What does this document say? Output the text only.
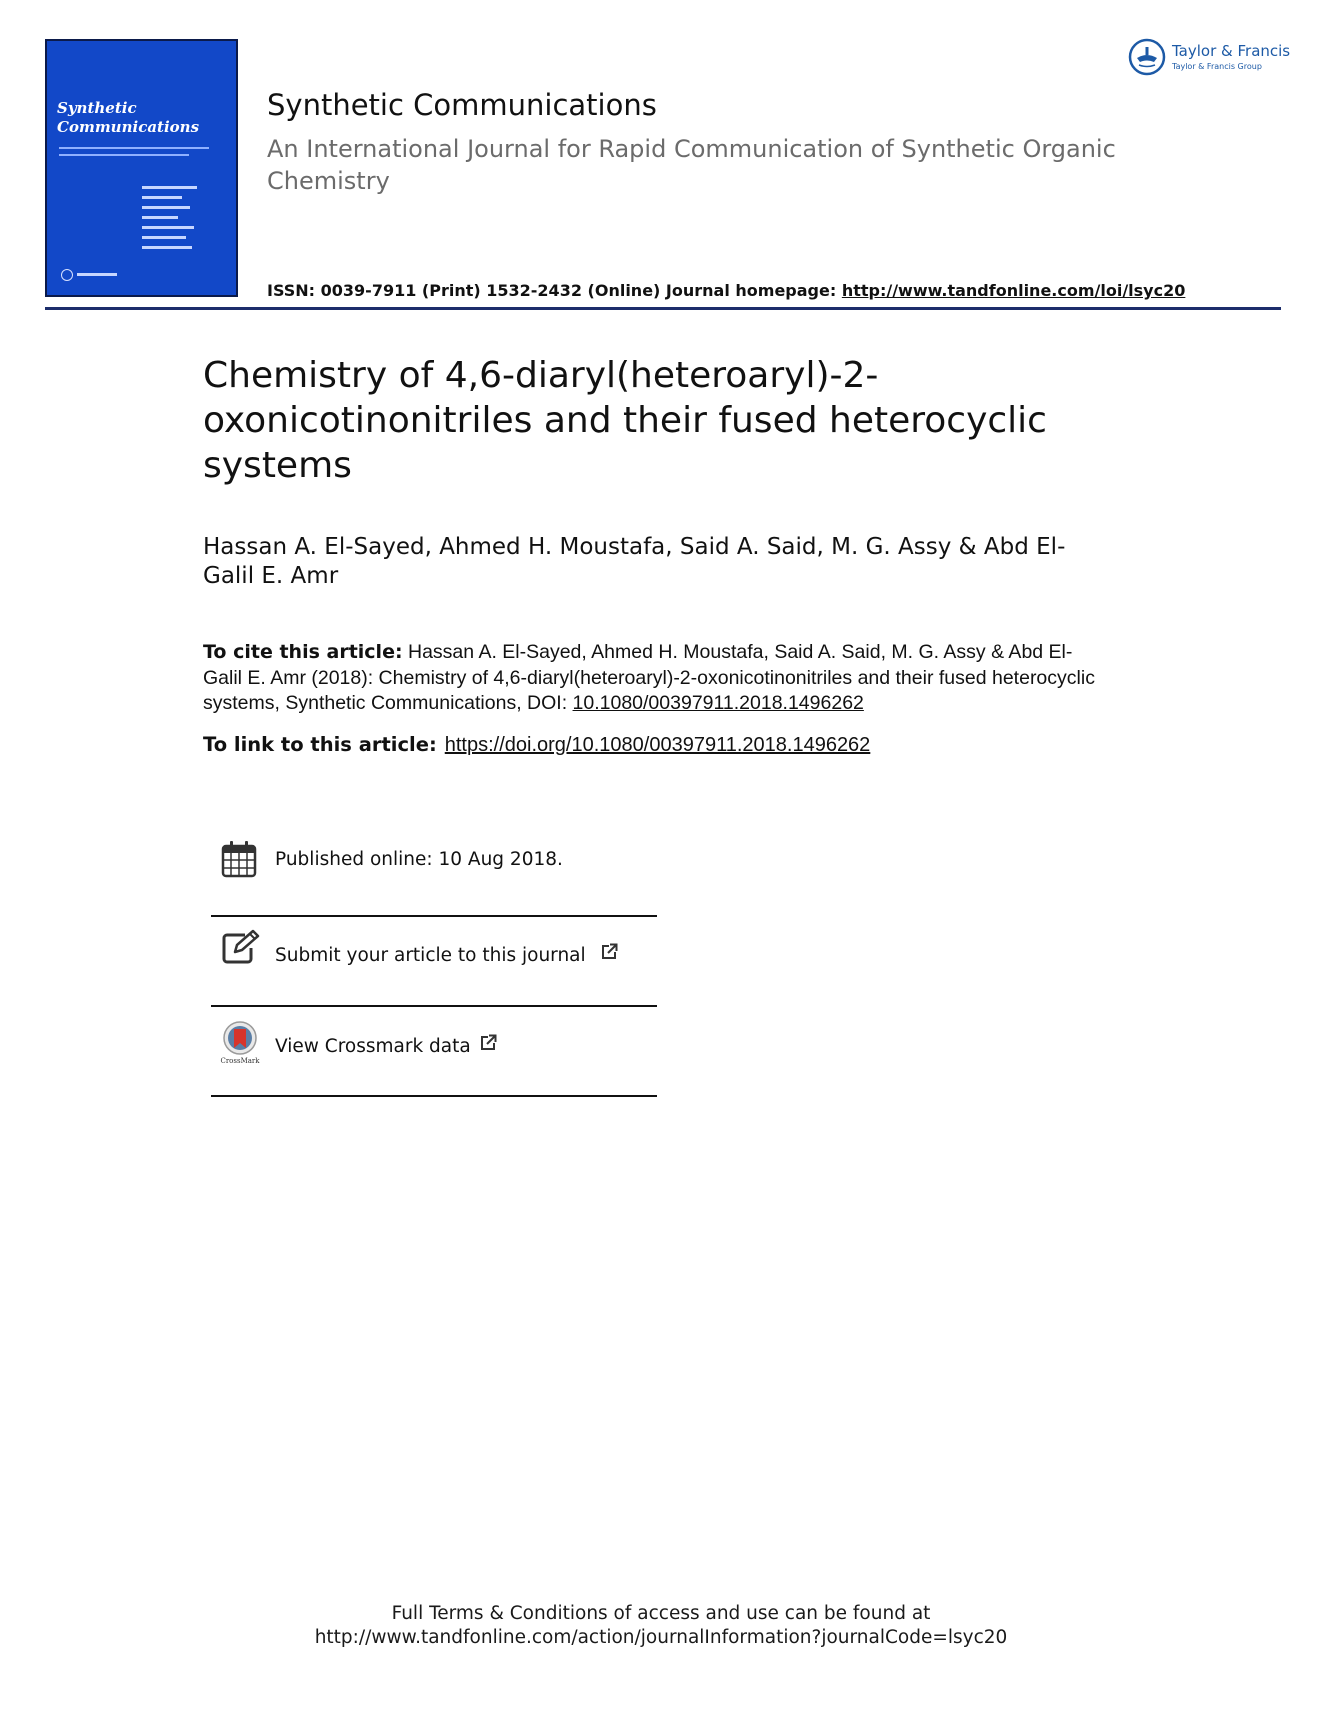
Synthetic
Communications
Synthetic Communications
An International Journal for Rapid Communication of Synthetic Organic Chemistry
ISSN: 0039-7911 (Print) 1532-2432 (Online) Journal homepage: http://www.tandfonline.com/loi/lsyc20
Taylor & Francis
Taylor & Francis Group
Chemistry of 4,6-diaryl(heteroaryl)-2-oxonicotinonitriles and their fused heterocyclic systems
Hassan A. El-Sayed, Ahmed H. Moustafa, Said A. Said, M. G. Assy & Abd El-Galil E. Amr
To cite this article: Hassan A. El-Sayed, Ahmed H. Moustafa, Said A. Said, M. G. Assy & Abd El-Galil E. Amr (2018): Chemistry of 4,6-diaryl(heteroaryl)-2-oxonicotinonitriles and their fused heterocyclic systems, Synthetic Communications, DOI: 10.1080/00397911.2018.1496262
To link to this article: https://doi.org/10.1080/00397911.2018.1496262
Published online: 10 Aug 2018.
Submit your article to this journal
CrossMark
View Crossmark data
Full Terms & Conditions of access and use can be found at
http://www.tandfonline.com/action/journalInformation?journalCode=lsyc20
